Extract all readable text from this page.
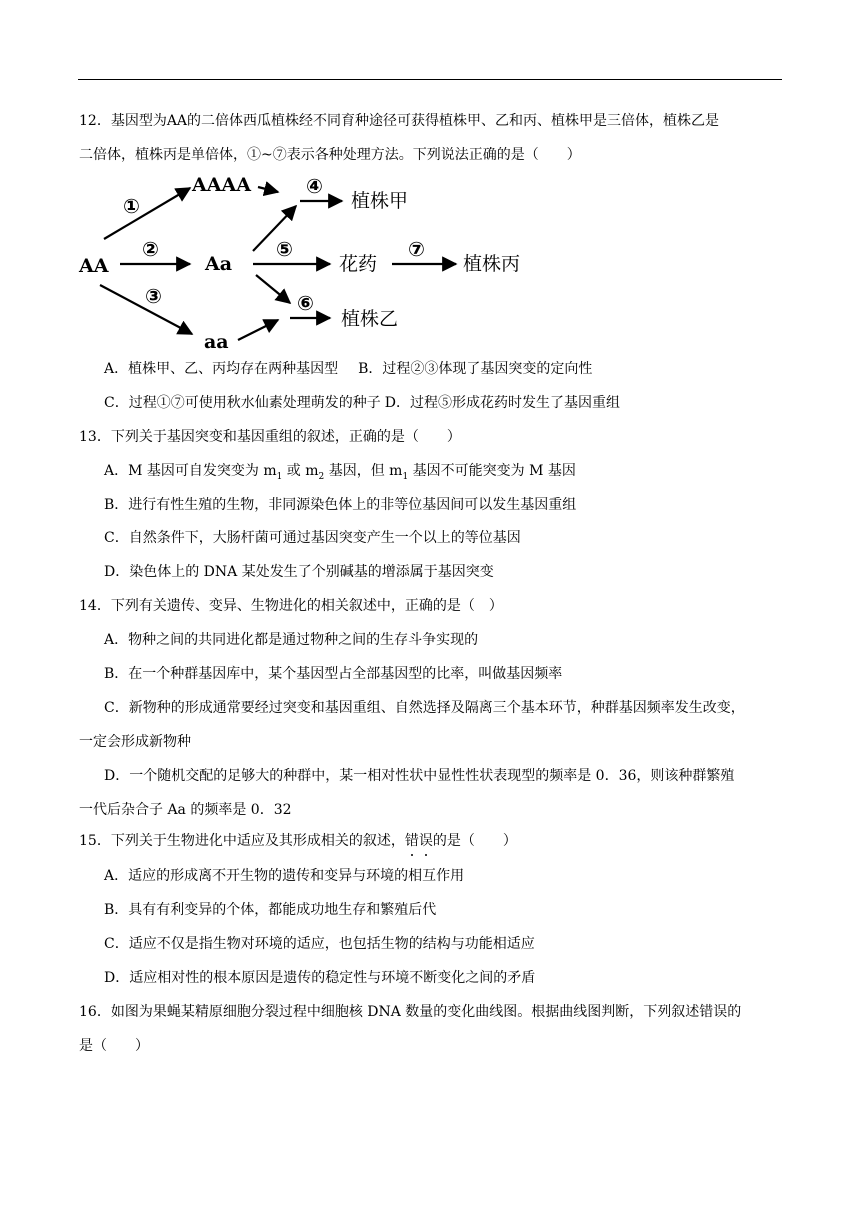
12．基因型为AA的二倍体西瓜植株经不同育种途径可获得植株甲、乙和丙、植株甲是三倍体，植株乙是
二倍体，植株丙是单倍体，①~⑦表示各种处理方法。下列说法正确的是（　　）
AA
AAAA
Aa
aa
植株甲
花药	植株丙
植株乙
①
②
③
④
⑤
⑥
⑦
A．植株甲、乙、丙均存在两种基因型 B．过程②③体现了基因突变的定向性
C．过程①⑦可使用秋水仙素处理萌发的种子 D．过程⑤形成花药时发生了基因重组
13．下列关于基因突变和基因重组的叙述，正确的是（　　）
A．M 基因可自发突变为 $m_1$ 或 $m_2$ 基因，但 $m_1$ 基因不可能突变为 M 基因
B．进行有性生殖的生物，非同源染色体上的非等位基因间可以发生基因重组
C．自然条件下，大肠杆菌可通过基因突变产生一个以上的等位基因
D．染色体上的 DNA 某处发生了个别碱基的增添属于基因突变
14．下列有关遗传、变异、生物进化的相关叙述中，正确的是（　）
A．物种之间的共同进化都是通过物种之间的生存斗争实现的
B．在一个种群基因库中，某个基因型占全部基因型的比率，叫做基因频率
C．新物种的形成通常要经过突变和基因重组、自然选择及隔离三个基本环节，种群基因频率发生改变，
一定会形成新物种
D．一个随机交配的足够大的种群中，某一相对性状中显性性状表现型的频率是 0．36，则该种群繁殖
一代后杂合子 Aa 的频率是 0．32
15．下列关于生物进化中适应及其形成相关的叙述，错误的是（　　）
A．适应的形成离不开生物的遗传和变异与环境的相互作用
B．具有有利变异的个体，都能成功地生存和繁殖后代
C．适应不仅是指生物对环境的适应，也包括生物的结构与功能相适应
D．适应相对性的根本原因是遗传的稳定性与环境不断变化之间的矛盾
16．如图为果蝇某精原细胞分裂过程中细胞核 DNA 数量的变化曲线图。根据曲线图判断，下列叙述错误的
是（　　）
